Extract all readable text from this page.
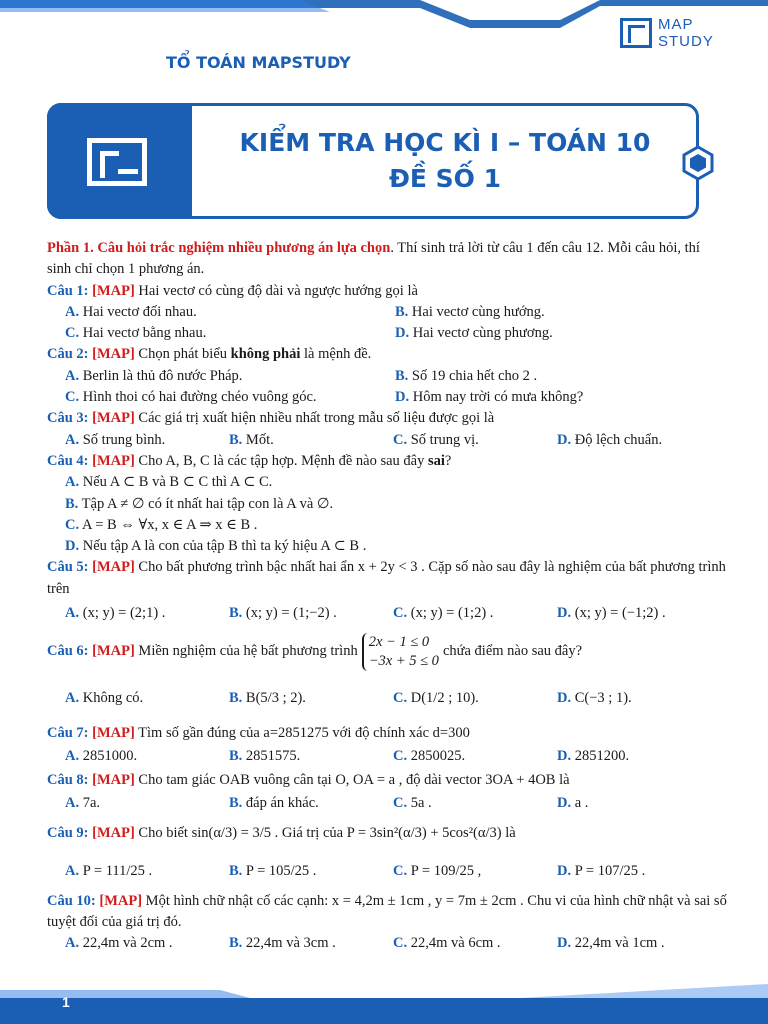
MAP
STUDY
TỔ TOÁN MAPSTUDY
KIỂM TRA HỌC KÌ I – TOÁN 10
ĐỀ SỐ 1
Phần 1. Câu hỏi trắc nghiệm nhiều phương án lựa chọn. Thí sinh trả lời từ câu 1 đến câu 12. Mỗi câu hỏi, thí sinh chỉ chọn 1 phương án.
Câu 1: [MAP] Hai vectơ có cùng độ dài và ngược hướng gọi là
A. Hai vectơ đối nhau.	B. Hai vectơ cùng hướng.
C. Hai vectơ bằng nhau.	D. Hai vectơ cùng phương.
Câu 2: [MAP] Chọn phát biểu không phải là mệnh đề.
A. Berlin là thủ đô nước Pháp.	B. Số 19 chia hết cho 2 .
C. Hình thoi có hai đường chéo vuông góc.	D. Hôm nay trời có mưa không?
Câu 3: [MAP] Các giá trị xuất hiện nhiều nhất trong mẫu số liệu được gọi là
A. Số trung bình.	B. Mốt.	C. Số trung vị.	D. Độ lệch chuẩn.
Câu 4: [MAP] Cho A, B, C là các tập hợp. Mệnh đề nào sau đây sai?
A. Nếu A ⊂ B và B ⊂ C thì A ⊂ C.
B. Tập A ≠ ∅ có ít nhất hai tập con là A và ∅.
C. A = B ⇔ ∀x, x ∈ A ⇒ x ∈ B .
D. Nếu tập A là con của tập B thì ta ký hiệu A ⊂ B .
Câu 5: [MAP] Cho bất phương trình bậc nhất hai ẩn x + 2y < 3 . Cặp số nào sau đây là nghiệm của bất phương trình trên
A. (x; y) = (2;1) .	B. (x; y) = (1;−2) .	C. (x; y) = (1;2) .	D. (x; y) = (−1;2) .
Câu 6: [MAP] Miền nghiệm của hệ bất phương trình2x − 1 ≤ 0
−3x + 5 ≤ 0chứa điểm nào sau đây?
A. Không có.	B. B(5/3 ; 2).	C. D(1/2 ; 10).	D. C(−3 ; 1).
Câu 7: [MAP] Tìm số gần đúng của a=2851275 với độ chính xác d=300
A. 2851000.	B. 2851575.	C. 2850025.	D. 2851200.
Câu 8: [MAP] Cho tam giác OAB vuông cân tại O, OA = a , độ dài vector 3OA + 4OB là
A. 7a.	B. đáp án khác.	C. 5a .	D. a .
Câu 9: [MAP] Cho biết sin(α/3) = 3/5 . Giá trị của P = 3sin²(α/3) + 5cos²(α/3) là
A. P = 111/25 .	B. P = 105/25 .	C. P = 109/25 ,	D. P = 107/25 .
Câu 10: [MAP] Một hình chữ nhật cố các cạnh: x = 4,2m ± 1cm , y = 7m ± 2cm . Chu vi của hình chữ nhật và sai số tuyệt đối của giá trị đó.
A. 22,4m và 2cm .	B. 22,4m và 3cm .	C. 22,4m và 6cm .	D. 22,4m và 1cm .
1
